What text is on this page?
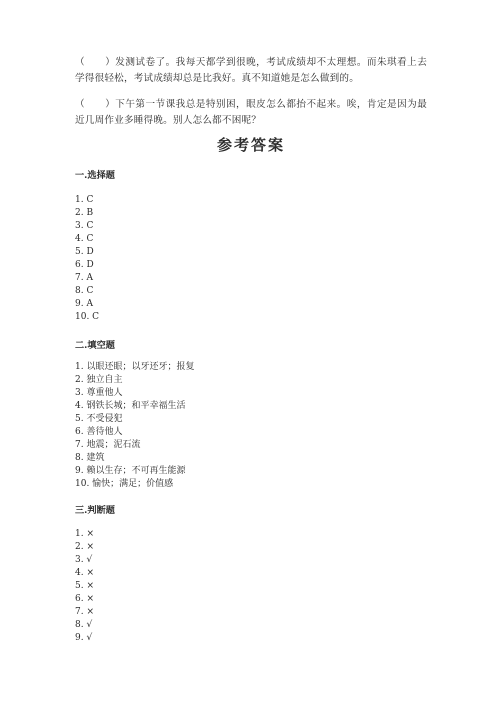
（　　）发测试卷了。我每天都学到很晚，考试成绩却不太理想。而朱琪看上去学得很轻松，考试成绩却总是比我好。真不知道她是怎么做到的。

（　　）下午第一节课我总是特别困，眼皮怎么都抬不起来。唉，肯定是因为最近几周作业多睡得晚。别人怎么都不困呢？

参考答案
一.选择题
1. C
2. B
3. C
4. C
5. D
6. D
7. A
8. C
9. A
10. C
二.填空题
1. 以眼还眼；以牙还牙；报复
2. 独立自主
3. 尊重他人
4. 钢铁长城；和平幸福生活
5. 不受侵犯
6. 善待他人
7. 地震；泥石流
8. 建筑
9. 赖以生存；不可再生能源
10. 愉快；满足；价值感
三.判断题
1. ×
2. ×
3. √
4. ×
5. ×
6. ×
7. ×
8. √
9. √
